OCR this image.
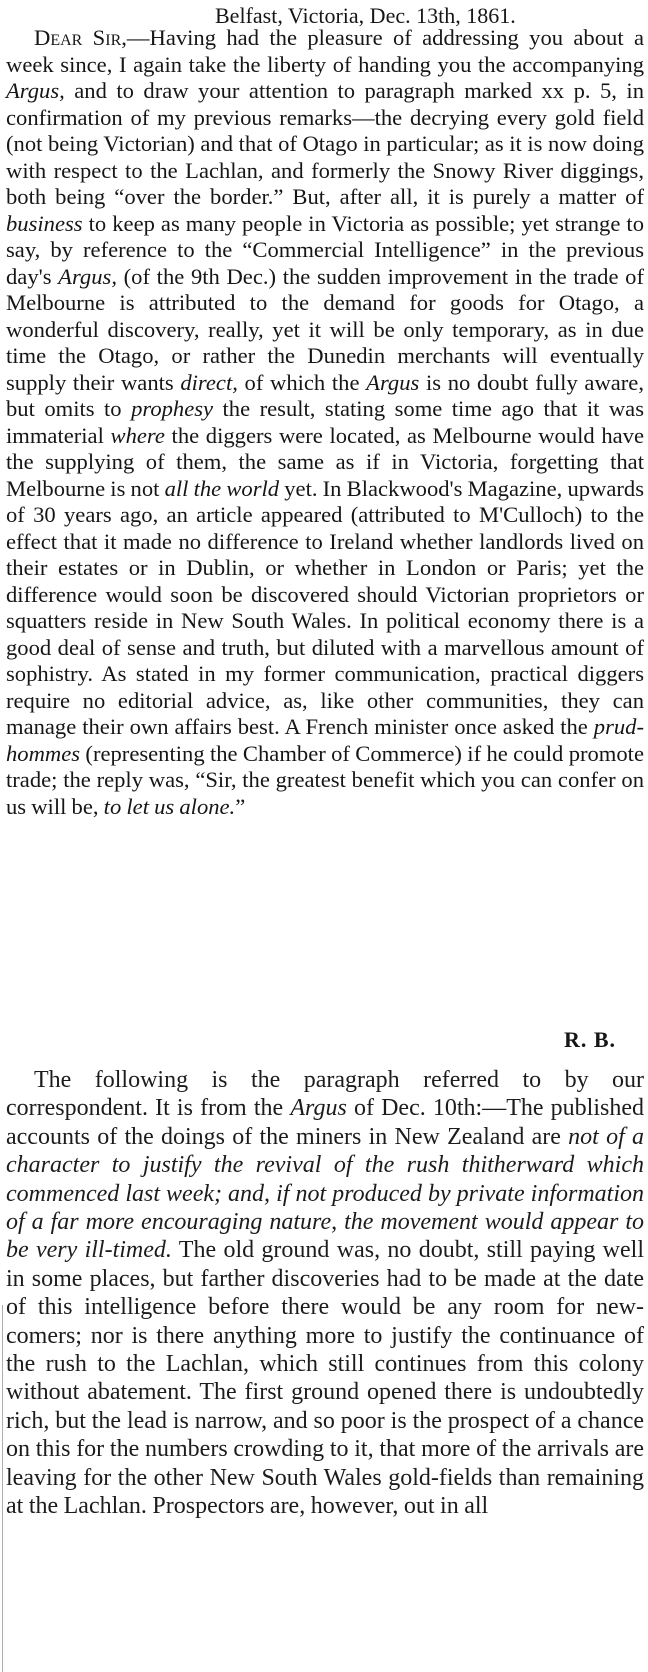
Belfast, Victoria, Dec. 13th, 1861.
Dear Sir,—Having had the pleasure of addressing you about a week since, I again take the liberty of handing you the accompanying Argus, and to draw your attention to paragraph marked xx p. 5, in confirmation of my previous remarks—the decrying every gold field (not being Victorian) and that of Otago in particular; as it is now doing with respect to the Lachlan, and formerly the Snowy River diggings, both being “over the border.” But, after all, it is purely a matter of business to keep as many people in Victoria as possible; yet strange to say, by reference to the “Commercial Intelligence” in the previous day's Argus, (of the 9th Dec.) the sudden improvement in the trade of Melbourne is attributed to the demand for goods for Otago, a wonderful discovery, really, yet it will be only temporary, as in due time the Otago, or rather the Dunedin merchants will eventually supply their wants direct, of which the Argus is no doubt fully aware, but omits to prophesy the result, stating some time ago that it was immaterial where the diggers were located, as Melbourne would have the supplying of them, the same as if in Victoria, forgetting that Melbourne is not all the world yet. In Blackwood's Magazine, upwards of 30 years ago, an article appeared (attributed to M'Culloch) to the effect that it made no difference to Ireland whether landlords lived on their estates or in Dublin, or whether in London or Paris; yet the difference would soon be discovered should Victorian proprietors or squatters reside in New South Wales. In political economy there is a good deal of sense and truth, but diluted with a marvellous amount of sophistry. As stated in my former communication, practical diggers require no editorial advice, as, like other communities, they can manage their own affairs best. A French minister once asked the prud-hommes (representing the Chamber of Commerce) if he could promote trade; the reply was, “Sir, the greatest benefit which you can confer on us will be, to let us alone.”
R. B.
The following is the paragraph referred to by our correspondent. It is from the Argus of Dec. 10th:—The published accounts of the doings of the miners in New Zealand are not of a character to justify the revival of the rush thitherward which commenced last week; and, if not produced by private information of a far more encouraging nature, the movement would appear to be very ill-timed. The old ground was, no doubt, still paying well in some places, but farther discoveries had to be made at the date of this intelligence before there would be any room for new-comers; nor is there anything more to justify the continuance of the rush to the Lachlan, which still continues from this colony without abatement. The first ground opened there is undoubtedly rich, but the lead is narrow, and so poor is the prospect of a chance on this for the numbers crowding to it, that more of the arrivals are leaving for the other New South Wales gold-fields than remaining at the Lachlan. Prospectors are, however, out in all
